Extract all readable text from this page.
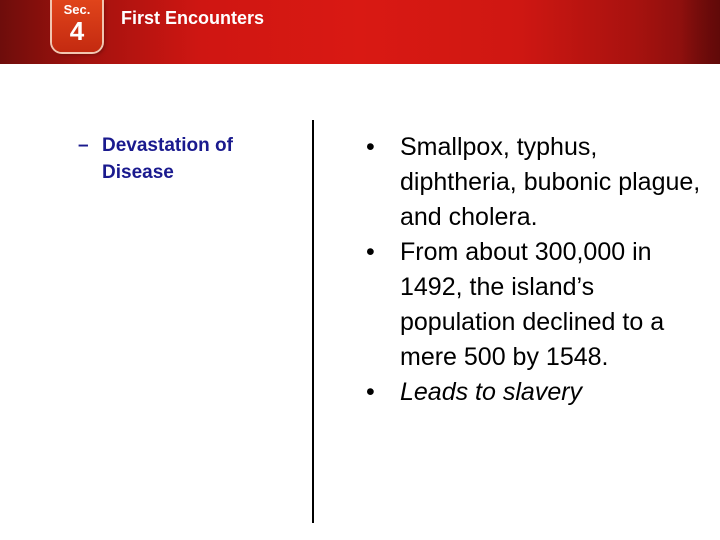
Sec.
4	First Encounters
– Devastation of Disease
•	Smallpox, typhus, diphtheria, bubonic plague, and cholera.
•	From about 300,000 in 1492, the island’s population declined to a mere 500 by 1548.
•	Leads to slavery
